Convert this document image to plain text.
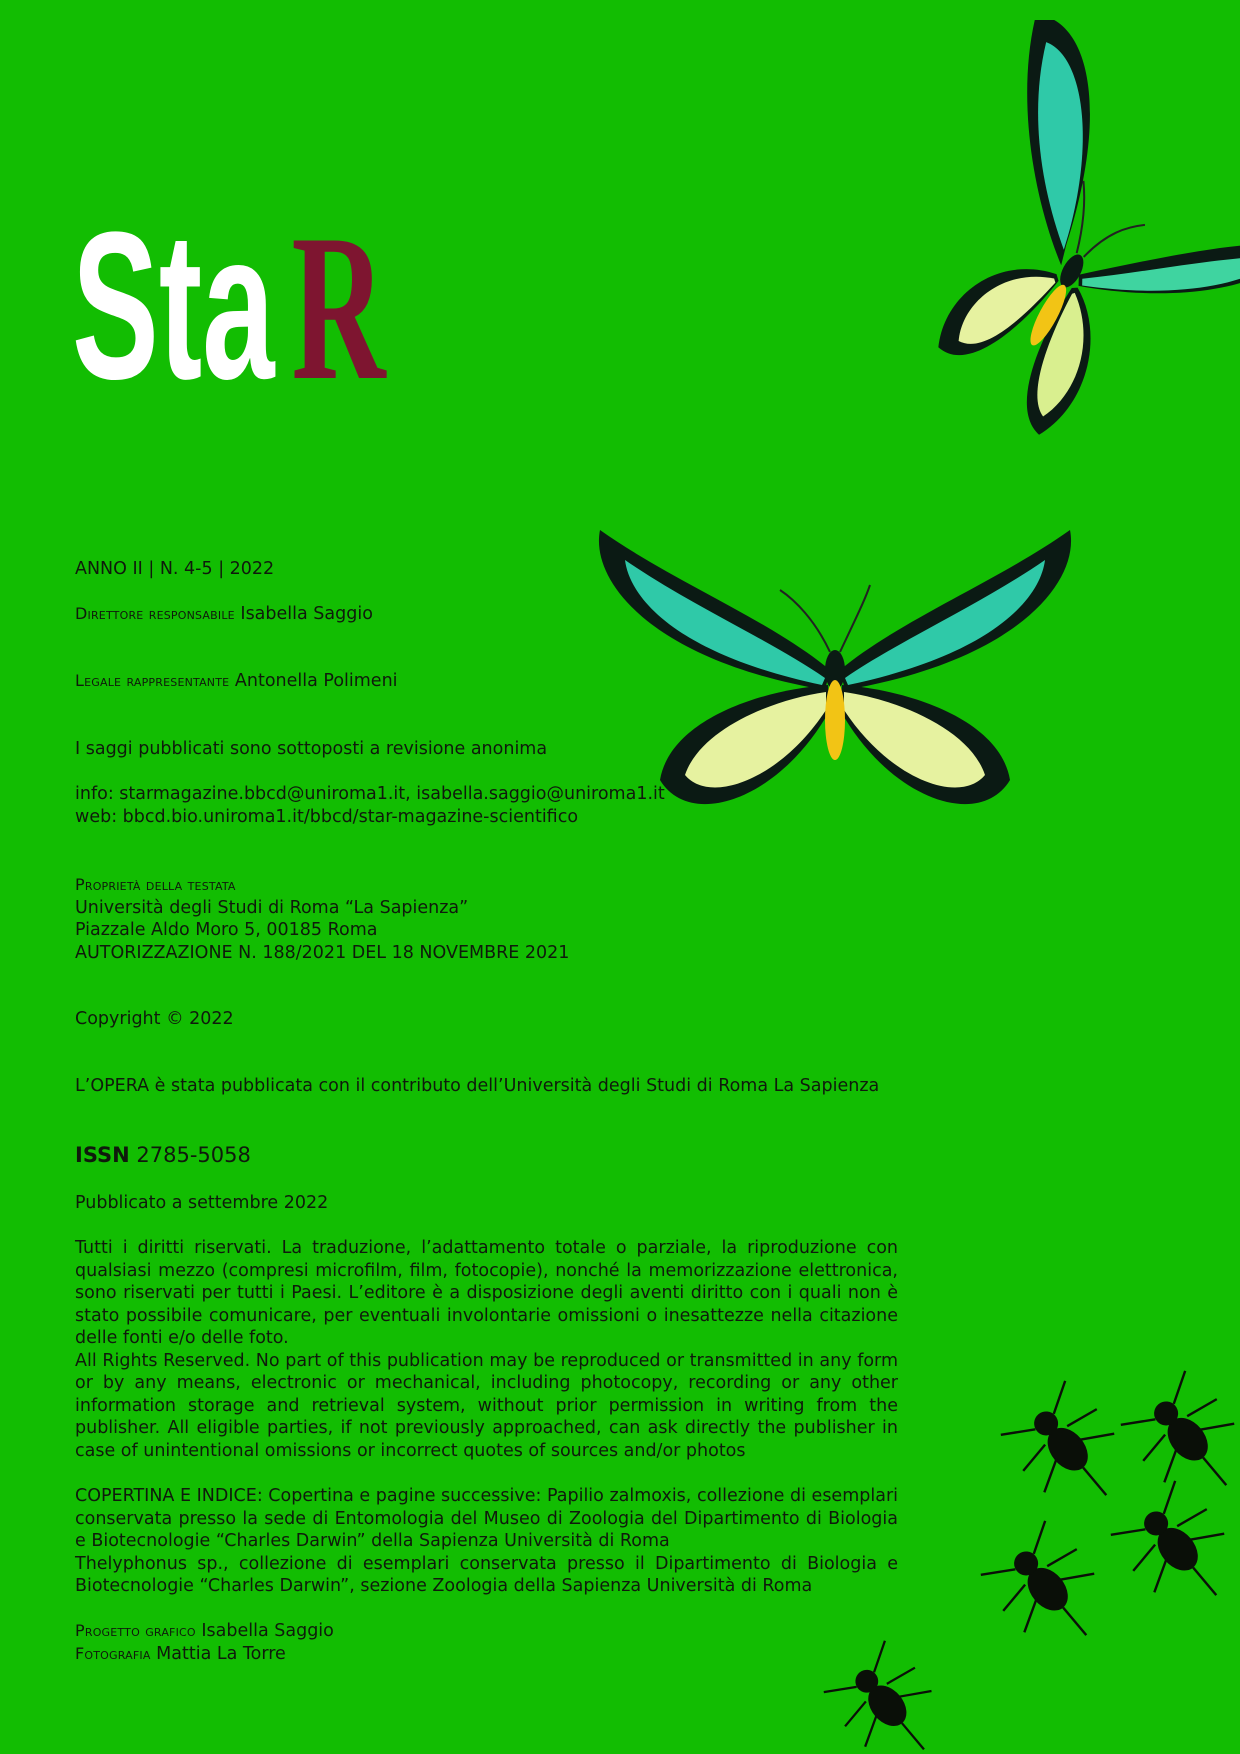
Sta R
ANNO II | N. 4-5 | 2022
Direttore responsabile Isabella Saggio
Legale rappresentante Antonella Polimeni
I saggi pubblicati sono sottoposti a revisione anonima
info: starmagazine.bbcd@uniroma1.it, isabella.saggio@uniroma1.it
web: bbcd.bio.uniroma1.it/bbcd/star-magazine-scientifico
Proprietà della testata
Università degli Studi di Roma “La Sapienza”
Piazzale Aldo Moro 5, 00185 Roma
AUTORIZZAZIONE N. 188/2021 DEL 18 NOVEMBRE 2021
Copyright © 2022
L’OPERA è stata pubblicata con il contributo dell’Università degli Studi di Roma La Sapienza
ISSN 2785-5058
Pubblicato a settembre 2022
Tutti i diritti riservati. La traduzione, l’adattamento totale o parziale, la riproduzione con qualsiasi mezzo (compresi microfilm, film, fotocopie), nonché la memorizzazione elettronica, sono riservati per tutti i Paesi. L’editore è a disposizione degli aventi diritto con i quali non è stato possibile comunicare, per eventuali involontarie omissioni o inesattezze nella citazione delle fonti e/o delle foto.
All Rights Reserved. No part of this publication may be reproduced or transmitted in any form or by any means, electronic or mechanical, including photocopy, recording or any other information storage and retrieval system, without prior permission in writing from the publisher. All eligible parties, if not previously approached, can ask directly the publisher in case of unintentional omissions or incorrect quotes of sources and/or photos
COPERTINA E INDICE: Copertina e pagine successive: Papilio zalmoxis, collezione di esemplari conservata presso la sede di Entomologia del Museo di Zoologia del Dipartimento di Biologia e Biotecnologie “Charles Darwin” della Sapienza Università di Roma
Thelyphonus sp., collezione di esemplari conservata presso il Dipartimento di Biologia e Biotecnologie “Charles Darwin”, sezione Zoologia della Sapienza Università di Roma
Progetto grafico Isabella Saggio
Fotografia Mattia La Torre
